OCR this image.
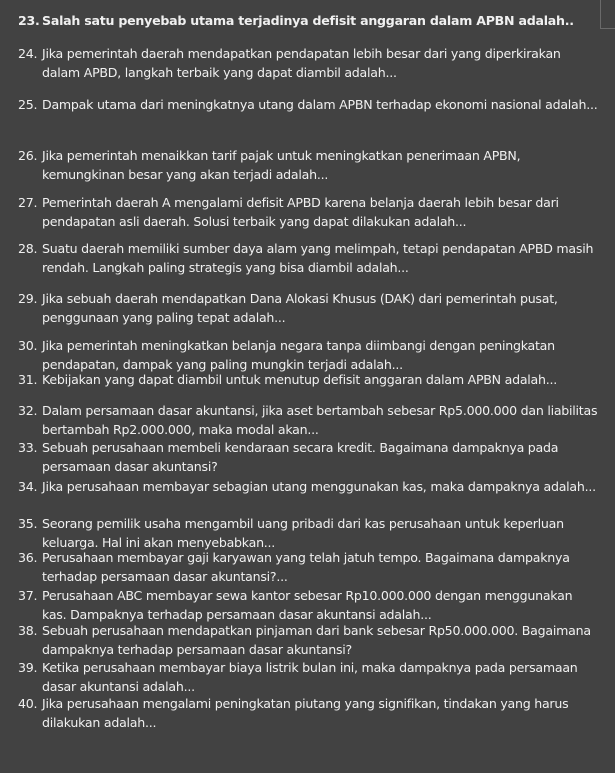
23. Salah satu penyebab utama terjadinya defisit anggaran dalam APBN adalah..
24. Jika pemerintah daerah mendapatkan pendapatan lebih besar dari yang diperkirakan dalam APBD, langkah terbaik yang dapat diambil adalah...
25. Dampak utama dari meningkatnya utang dalam APBN terhadap ekonomi nasional adalah...
26. Jika pemerintah menaikkan tarif pajak untuk meningkatkan penerimaan APBN, kemungkinan besar yang akan terjadi adalah...
27. Pemerintah daerah A mengalami defisit APBD karena belanja daerah lebih besar dari pendapatan asli daerah. Solusi terbaik yang dapat dilakukan adalah...
28. Suatu daerah memiliki sumber daya alam yang melimpah, tetapi pendapatan APBD masih rendah. Langkah paling strategis yang bisa diambil adalah...
29. Jika sebuah daerah mendapatkan Dana Alokasi Khusus (DAK) dari pemerintah pusat, penggunaan yang paling tepat adalah...
30. Jika pemerintah meningkatkan belanja negara tanpa diimbangi dengan peningkatan pendapatan, dampak yang paling mungkin terjadi adalah...
31. Kebijakan yang dapat diambil untuk menutup defisit anggaran dalam APBN adalah...
32. Dalam persamaan dasar akuntansi, jika aset bertambah sebesar Rp5.000.000 dan liabilitas bertambah Rp2.000.000, maka modal akan...
33. Sebuah perusahaan membeli kendaraan secara kredit. Bagaimana dampaknya pada persamaan dasar akuntansi?
34. Jika perusahaan membayar sebagian utang menggunakan kas, maka dampaknya adalah...
35. Seorang pemilik usaha mengambil uang pribadi dari kas perusahaan untuk keperluan keluarga. Hal ini akan menyebabkan...
36. Perusahaan membayar gaji karyawan yang telah jatuh tempo. Bagaimana dampaknya terhadap persamaan dasar akuntansi?...
37. Perusahaan ABC membayar sewa kantor sebesar Rp10.000.000 dengan menggunakan kas. Dampaknya terhadap persamaan dasar akuntansi adalah...
38. Sebuah perusahaan mendapatkan pinjaman dari bank sebesar Rp50.000.000. Bagaimana dampaknya terhadap persamaan dasar akuntansi?
39. Ketika perusahaan membayar biaya listrik bulan ini, maka dampaknya pada persamaan dasar akuntansi adalah...
40. Jika perusahaan mengalami peningkatan piutang yang signifikan, tindakan yang harus dilakukan adalah...
